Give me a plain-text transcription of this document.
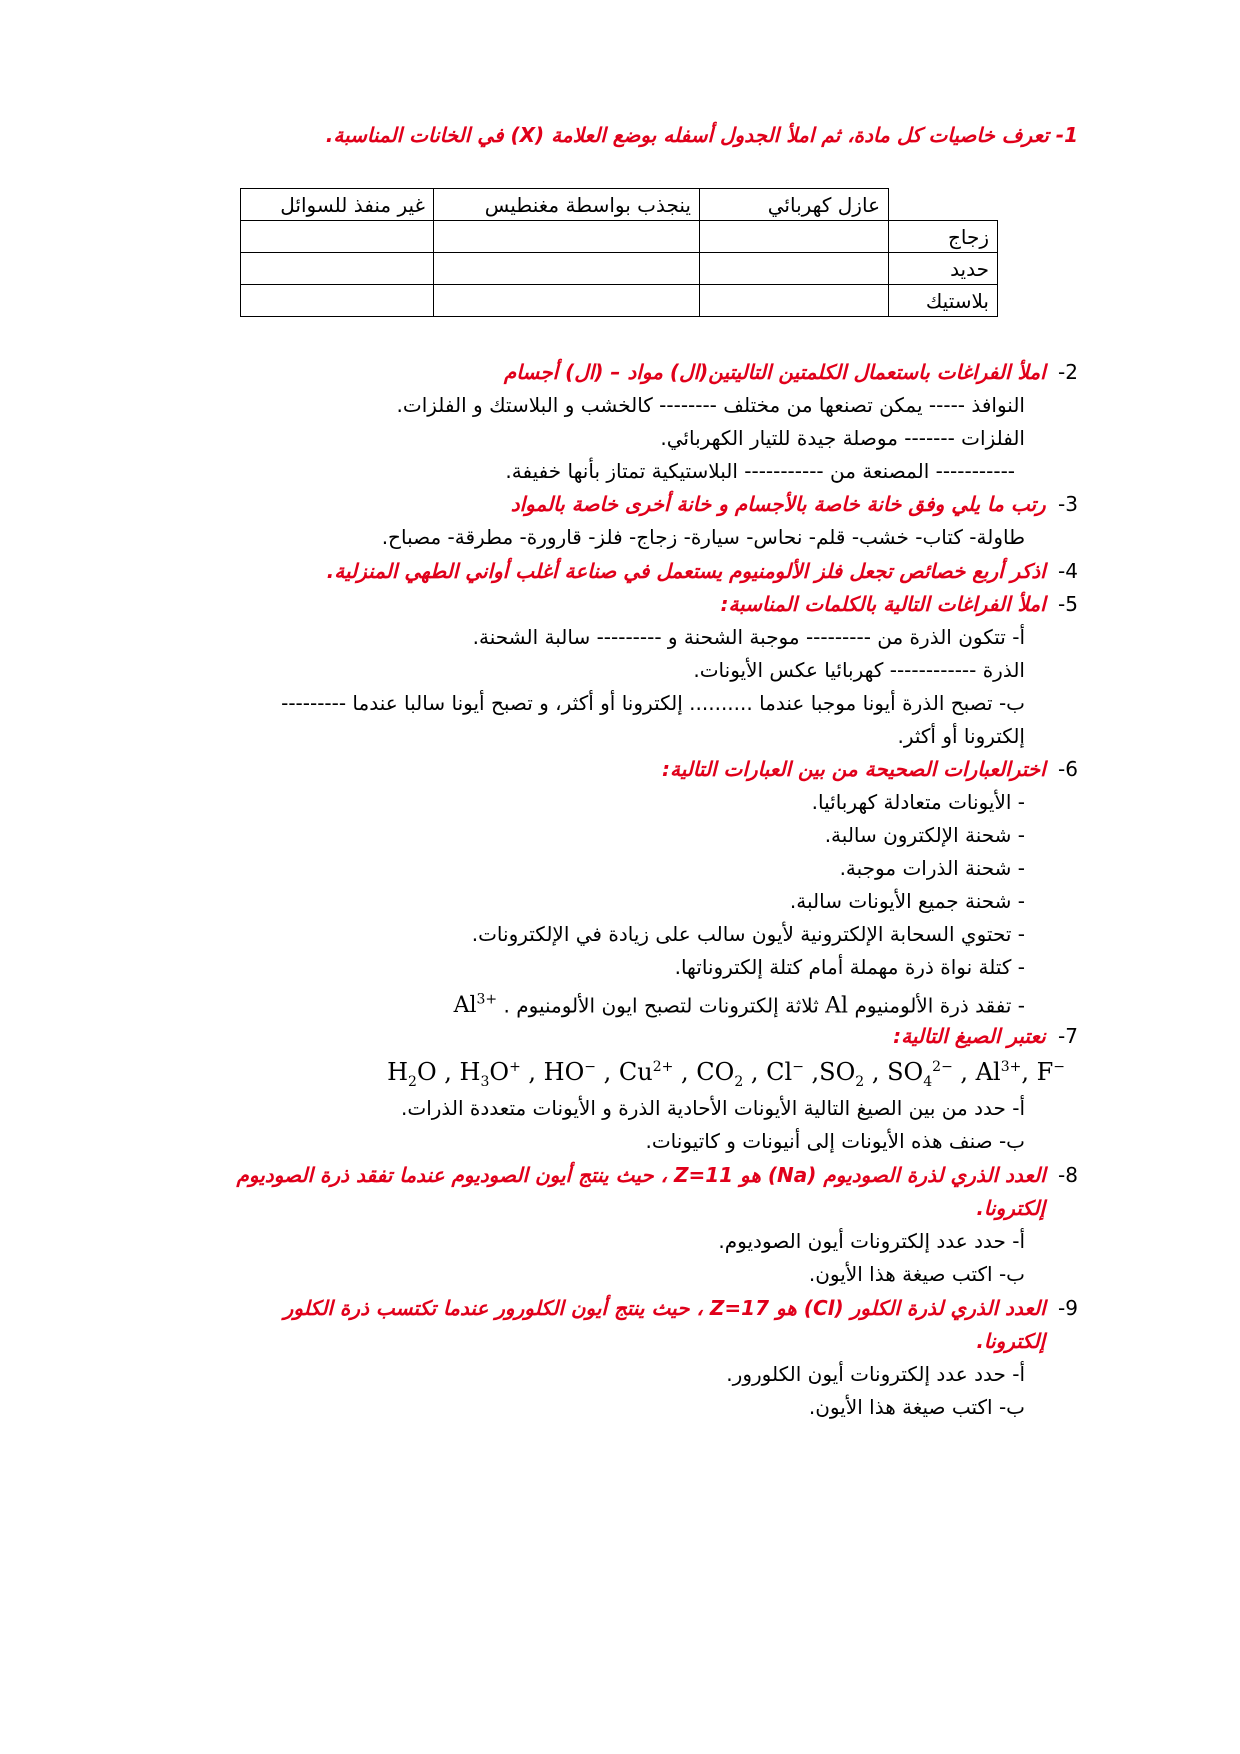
1- تعرف خاصيات كل مادة، ثم املأ الجدول أسفله بوضع العلامة (X) في الخانات المناسبة.
	عازل كهربائي	ينجذب بواسطة مغنطيس	غير منفذ للسوائل
زجاج			
حديد			
بلاستيك			
2- املأ الفراغات باستعمال الكلمتين التاليتين(ال) مواد – (ال) أجسام
النوافذ ----- يمكن تصنعها من مختلف -------- كالخشب و البلاستك و الفلزات.
الفلزات ------- موصلة جيدة للتيار الكهربائي.
----------- المصنعة من ----------- البلاستيكية تمتاز بأنها خفيفة.
3- رتب ما يلي وفق خانة خاصة بالأجسام و خانة أخرى خاصة بالمواد
طاولة- كتاب- خشب- قلم- نحاس- سيارة- زجاج- فلز- قارورة- مطرقة- مصباح.
4- اذكر أربع خصائص تجعل فلز الألومنيوم يستعمل في صناعة أغلب أواني الطهي المنزلية.
5- املأ الفراغات التالية بالكلمات المناسبة:
أ- تتكون الذرة من --------- موجبة الشحنة و --------- سالبة الشحنة.
الذرة ------------ كهربائيا عكس الأيونات.
ب- تصبح الذرة أيونا موجبا عندما .......... إلكترونا أو أكثر، و تصبح أيونا سالبا عندما ---------
إلكترونا أو أكثر.
6- اخترالعبارات الصحيحة من بين العبارات التالية:
- الأيونات متعادلة كهربائيا.
- شحنة الإلكترون سالبة.
- شحنة الذرات موجبة.
- شحنة جميع الأيونات سالبة.
- تحتوي السحابة الإلكترونية لأيون سالب على زيادة في الإلكترونات.
- كتلة نواة ذرة مهملة أمام كتلة إلكتروناتها.
- تفقد ذرة الألومنيوم Al ثلاثة إلكترونات لتصبح ايون الألومنيوم . $Al^{3+}$
7- نعتبر الصيغ التالية:
$H_2O$ , $H_3O^+$ , HO− , $Cu^{2+}$ , $CO_2$ , Cl− $,SO_2$ , $SO_4^{2-}$ , $Al^{3+}$, F−
أ- حدد من بين الصيغ التالية الأيونات الأحادية الذرة و الأيونات متعددة الذرات.
ب- صنف هذه الأيونات إلى أنيونات و كاتيونات.
8- العدد الذري لذرة الصوديوم (Na) هو Z=11 ، حيث ينتج أيون الصوديوم عندما تفقد ذرة الصوديوم
إلكترونا.
أ- حدد عدد إلكترونات أيون الصوديوم.
ب- اكتب صيغة هذا الأيون.
9- العدد الذري لذرة الكلور (Cl) هو Z=17 ، حيث ينتج أيون الكلورور عندما تكتسب ذرة الكلور
إلكترونا.
أ- حدد عدد إلكترونات أيون الكلورور.
ب- اكتب صيغة هذا الأيون.
